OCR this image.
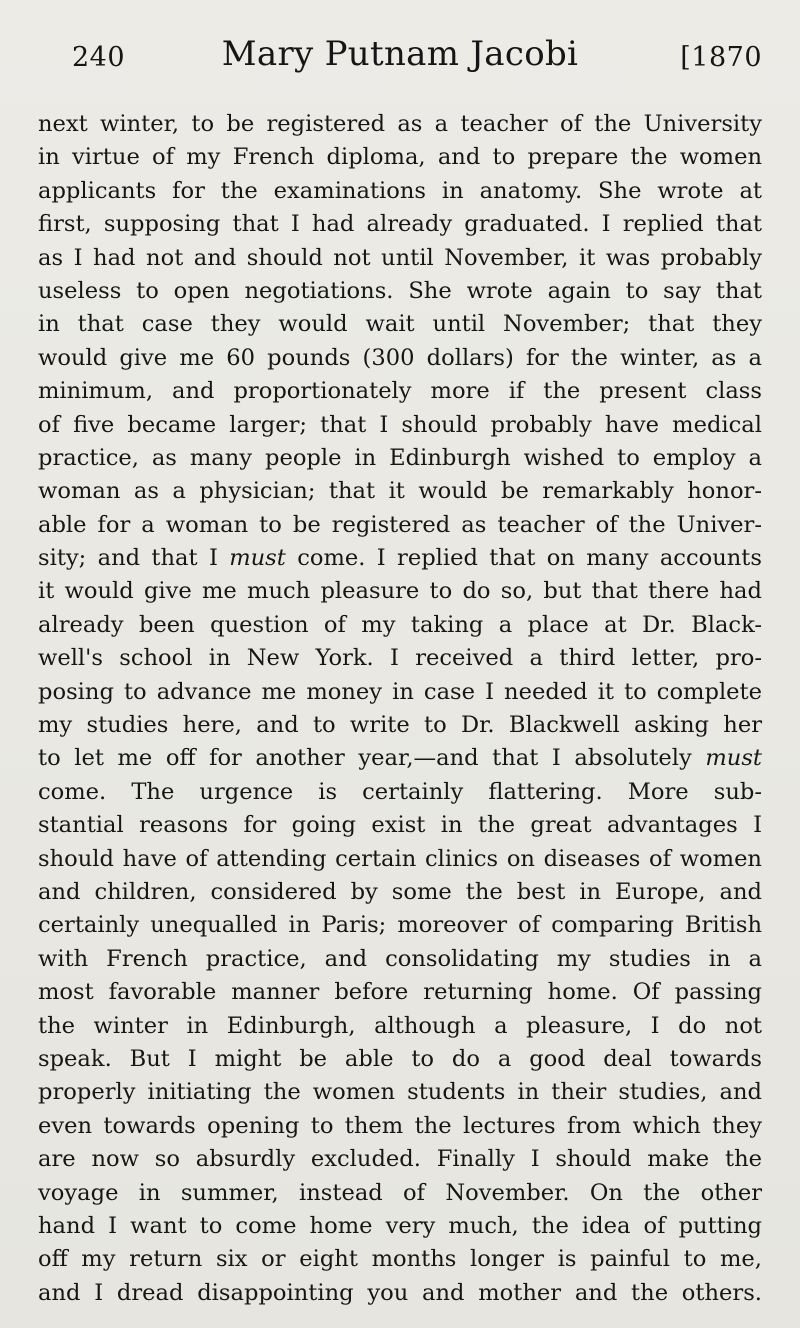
240	Mary Putnam Jacobi	[1870
next winter, to be registered as a teacher of the University
in virtue of my French diploma, and to prepare the women
applicants for the examinations in anatomy. She wrote at
first, supposing that I had already graduated. I replied that
as I had not and should not until November, it was probably
useless to open negotiations. She wrote again to say that
in that case they would wait until November; that they
would give me 60 pounds (300 dollars) for the winter, as a
minimum, and proportionately more if the present class
of five became larger; that I should probably have medical
practice, as many people in Edinburgh wished to employ a
woman as a physician; that it would be remarkably honor-
able for a woman to be registered as teacher of the Univer-
sity; and that I must come. I replied that on many accounts
it would give me much pleasure to do so, but that there had
already been question of my taking a place at Dr. Black-
well's school in New York. I received a third letter, pro-
posing to advance me money in case I needed it to complete
my studies here, and to write to Dr. Blackwell asking her
to let me off for another year,—and that I absolutely must
come. The urgence is certainly flattering. More sub-
stantial reasons for going exist in the great advantages I
should have of attending certain clinics on diseases of women
and children, considered by some the best in Europe, and
certainly unequalled in Paris; moreover of comparing British
with French practice, and consolidating my studies in a
most favorable manner before returning home. Of passing
the winter in Edinburgh, although a pleasure, I do not
speak. But I might be able to do a good deal towards
properly initiating the women students in their studies, and
even towards opening to them the lectures from which they
are now so absurdly excluded. Finally I should make the
voyage in summer, instead of November. On the other
hand I want to come home very much, the idea of putting
off my return six or eight months longer is painful to me,
and I dread disappointing you and mother and the others.
